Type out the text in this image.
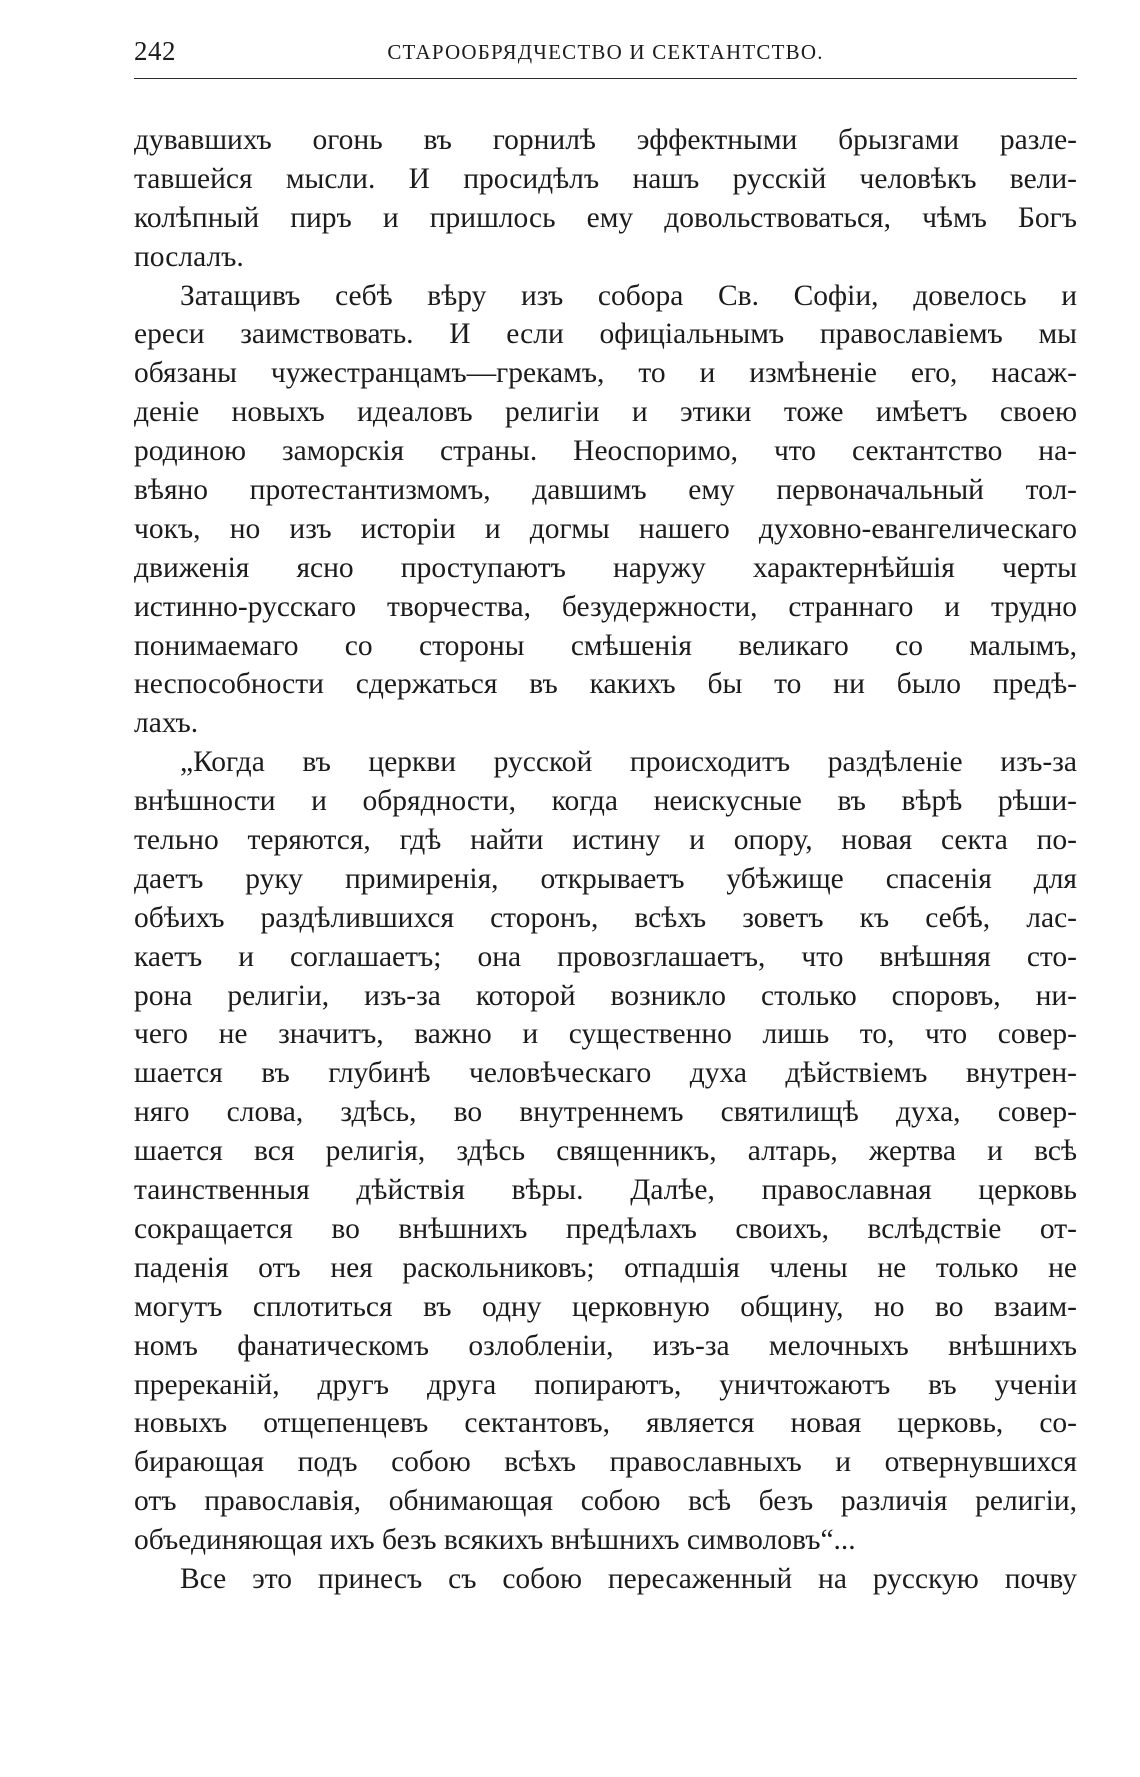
242	СТАРООБРЯДЧЕСТВО И СЕКТАНТСТВО.
дувавшихъ огонь въ горнилѣ эффектными брызгами разле-
тавшейся мысли. И просидѣлъ нашъ русскій человѣкъ вели-
колѣпный пиръ и пришлось ему довольствоваться, чѣмъ Богъ
послалъ.
Затащивъ себѣ вѣру изъ собора Св. Софіи, довелось и
ереси заимствовать. И если офиціальнымъ православіемъ мы
обязаны чужестранцамъ—грекамъ, то и измѣненіе его, насаж-
деніе новыхъ идеаловъ религіи и этики тоже имѣетъ своею
родиною заморскія страны. Неоспоримо, что сектантство на-
вѣяно протестантизмомъ, давшимъ ему первоначальный тол-
чокъ, но изъ исторіи и догмы нашего духовно-евангелическаго
движенія ясно проступаютъ наружу характернѣйшія черты
истинно-русскаго творчества, безудержности, страннаго и трудно
понимаемаго со стороны смѣшенія великаго со малымъ,
неспособности сдержаться въ какихъ бы то ни было предѣ-
лахъ.
„Когда въ церкви русской происходитъ раздѣленіе изъ-за
внѣшности и обрядности, когда неискусные въ вѣрѣ рѣши-
тельно теряются, гдѣ найти истину и опору, новая секта по-
даетъ руку примиренія, открываетъ убѣжище спасенія для
обѣихъ раздѣлившихся сторонъ, всѣхъ зоветъ къ себѣ, лас-
каетъ и соглашаетъ; она провозглашаетъ, что внѣшняя сто-
рона религіи, изъ-за которой возникло столько споровъ, ни-
чего не значитъ, важно и существенно лишь то, что совер-
шается въ глубинѣ человѣческаго духа дѣйствіемъ внутрен-
няго слова, здѣсь, во внутреннемъ святилищѣ духа, совер-
шается вся религія, здѣсь священникъ, алтарь, жертва и всѣ
таинственныя дѣйствія вѣры. Далѣе, православная церковь
сокращается во внѣшнихъ предѣлахъ своихъ, вслѣдствіе от-
паденія отъ нея раскольниковъ; отпадшія члены не только не
могутъ сплотиться въ одну церковную общину, но во взаим-
номъ фанатическомъ озлобленіи, изъ-за мелочныхъ внѣшнихъ
пререканій, другъ друга попираютъ, уничтожаютъ въ ученіи
новыхъ отщепенцевъ сектантовъ, является новая церковь, со-
бирающая подъ собою всѣхъ православныхъ и отвернувшихся
отъ православія, обнимающая собою всѣ безъ различія религіи,
объединяющая ихъ безъ всякихъ внѣшнихъ символовъ“...
Все это принесъ съ собою пересаженный на русскую почву
